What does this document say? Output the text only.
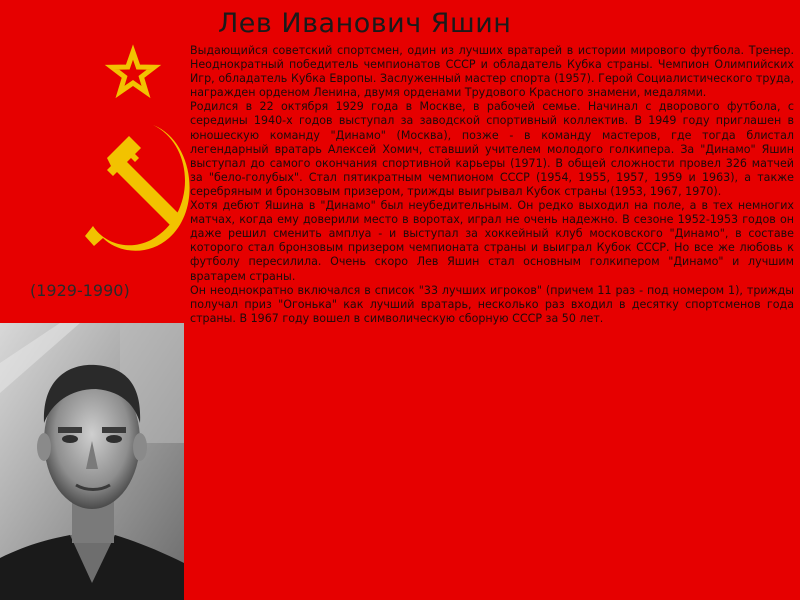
Лев Иванович Яшин
(1929-1990)

Выдающийся советский спортсмен, один из лучших вратарей в истории мирового футбола. Тренер. Неоднократный победитель чемпионатов СССР и обладатель Кубка страны. Чемпион Олимпийских Игр, обладатель Кубка Европы. Заслуженный мастер спорта (1957). Герой Социалистического труда, награжден орденом Ленина, двумя орденами Трудового Красного знамени, медалями.

Родился в 22 октября 1929 года в Москве, в рабочей семье. Начинал с дворового футбола, с середины 1940-х годов выступал за заводской спортивный коллектив. В 1949 году приглашен в юношескую команду "Динамо" (Москва), позже - в команду мастеров, где тогда блистал легендарный вратарь Алексей Хомич, ставший учителем молодого голкипера. За "Динамо" Яшин выступал до самого окончания спортивной карьеры (1971). В общей сложности провел 326 матчей за "бело-голубых". Стал пятикратным чемпионом СССР (1954, 1955, 1957, 1959 и 1963), а также серебряным и бронзовым призером, трижды выигрывал Кубок страны (1953, 1967, 1970).

Хотя дебют Яшина в "Динамо" был неубедительным. Он редко выходил на поле, а в тех немногих матчах, когда ему доверили место в воротах, играл не очень надежно. В сезоне 1952-1953 годов он даже решил сменить амплуа - и выступал за хоккейный клуб московского "Динамо", в составе которого стал бронзовым призером чемпионата страны и выиграл Кубок СССР. Но все же любовь к футболу пересилила. Очень скоро Лев Яшин стал основным голкипером "Динамо" и лучшим вратарем страны.

Он неоднократно включался в список "33 лучших игроков" (причем 11 раз - под номером 1), трижды получал приз "Огонька" как лучший вратарь, несколько раз входил в десятку спортсменов года страны. В 1967 году вошел в символическую сборную СССР за 50 лет.
